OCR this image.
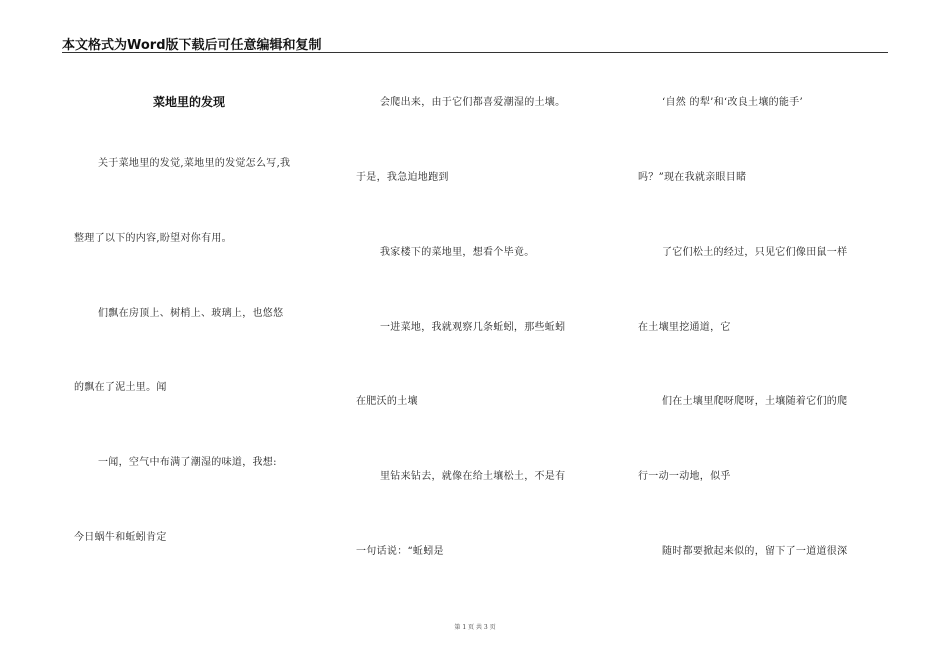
本文格式为Word版下载后可任意编辑和复制
菜地里的发现
关于菜地里的发觉,菜地里的发觉怎么写,我
整理了以下的内容,盼望对你有用。
们飘在房顶上、树梢上、玻璃上，也悠悠
的飘在了泥土里。闻
一闻，空气中布满了潮湿的味道，我想:
今日蜗牛和蚯蚓肯定
会爬出来，由于它们都喜爱潮湿的土壤。
于是，我急迫地跑到
我家楼下的菜地里，想看个毕竟。
一进菜地，我就观察几条蚯蚓，那些蚯蚓
在肥沃的土壤
里钻来钻去，就像在给土壤松土，不是有
一句话说：“蚯蚓是
‘自然 的犁’和‘改良土壤的能手’
吗？”现在我就亲眼目睹
了它们松土的经过，只见它们像田鼠一样
在土壤里挖通道，它
们在土壤里爬呀爬呀，土壤随着它们的爬
行一动一动地，似乎
随时都要掀起来似的，留下了一道道很深
第 1 页 共 3 页
